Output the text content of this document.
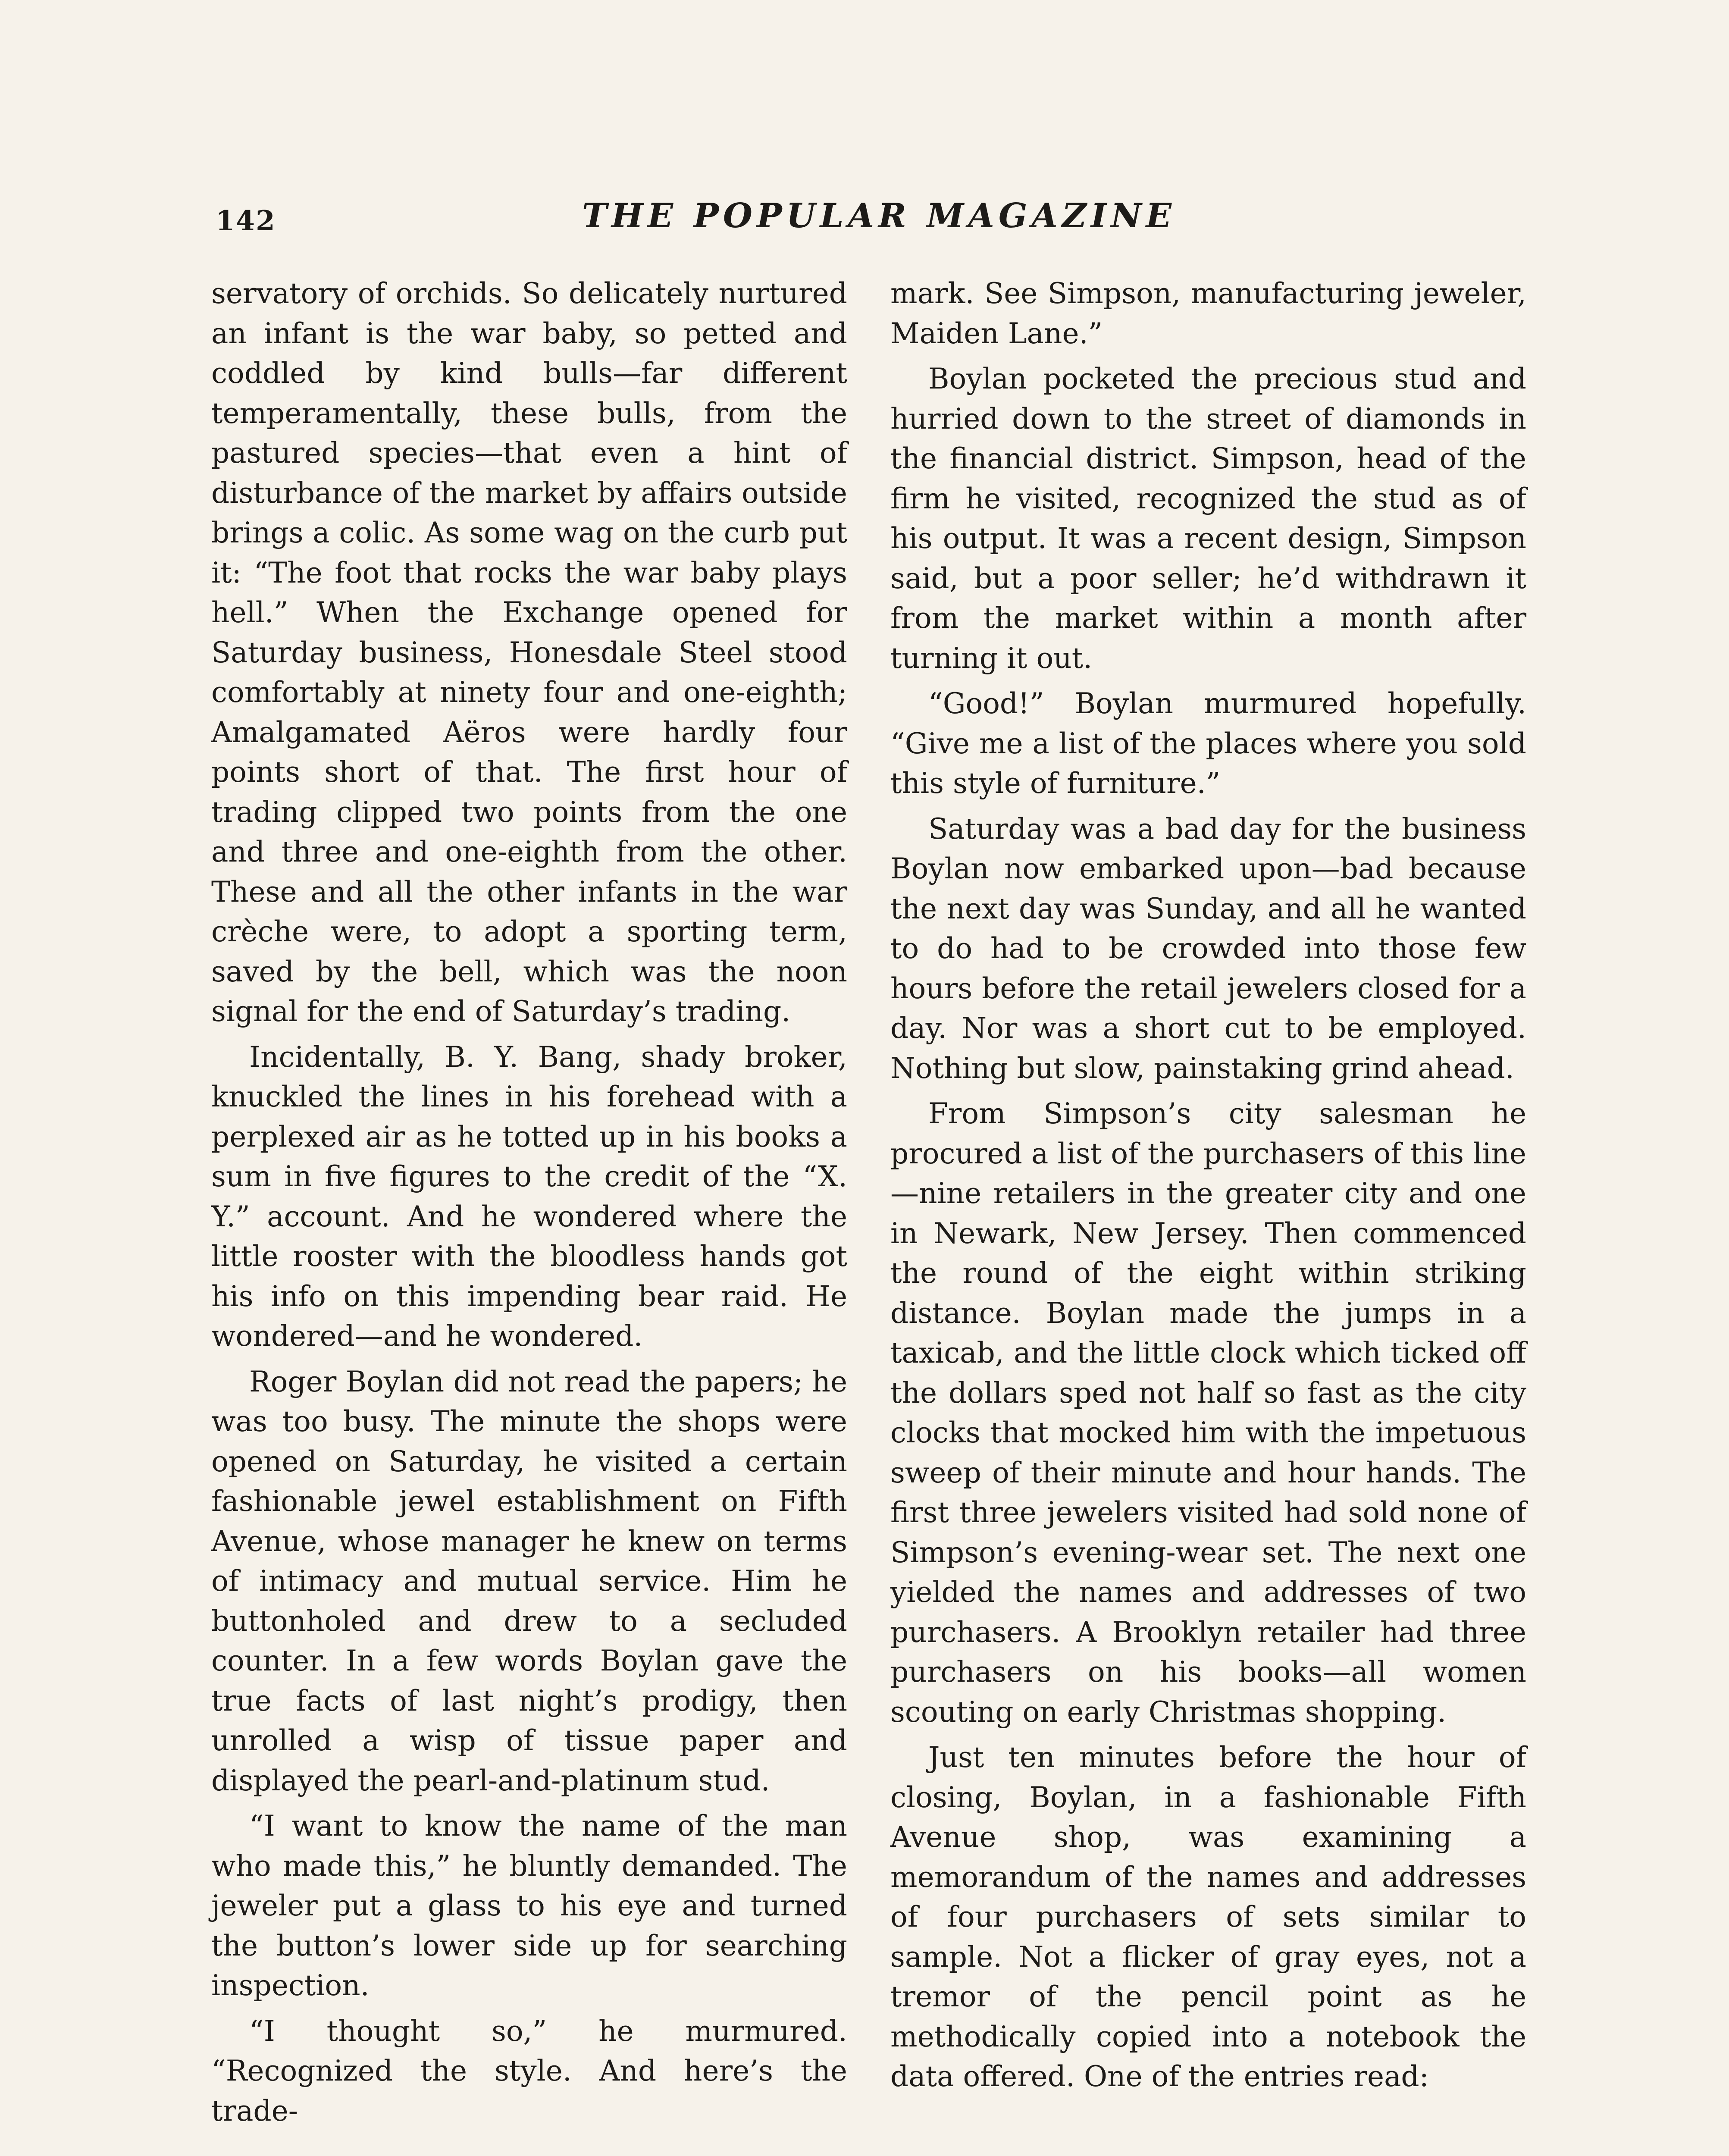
142	THE POPULAR MAGAZINE

servatory of orchids. So delicately nurtured an infant is the war baby, so petted and coddled by kind bulls—far different temperamentally, these bulls, from the pastured species—that even a hint of disturbance of the market by affairs outside brings a colic. As some wag on the curb put it: “The foot that rocks the war baby plays hell.” When the Exchange opened for Saturday business, Honesdale Steel stood comfortably at ninety four and one-eighth; Amalgamated Aëros were hardly four points short of that. The first hour of trading clipped two points from the one and three and one-eighth from the other. These and all the other infants in the war crèche were, to adopt a sporting term, saved by the bell, which was the noon signal for the end of Saturday’s trading.

Incidentally, B. Y. Bang, shady broker, knuckled the lines in his forehead with a perplexed air as he totted up in his books a sum in five figures to the credit of the “X. Y.” account. And he wondered where the little rooster with the bloodless hands got his info on this impending bear raid. He wondered—and he wondered.

Roger Boylan did not read the papers; he was too busy. The minute the shops were opened on Saturday, he visited a certain fashionable jewel establishment on Fifth Avenue, whose manager he knew on terms of intimacy and mutual service. Him he buttonholed and drew to a secluded counter. In a few words Boylan gave the true facts of last night’s prodigy, then unrolled a wisp of tissue paper and displayed the pearl-and-platinum stud.

“I want to know the name of the man who made this,” he bluntly demanded. The jeweler put a glass to his eye and turned the button’s lower side up for searching inspection.

“I thought so,” he murmured. “Recognized the style. And here’s the trade-

mark. See Simpson, manufacturing jeweler, Maiden Lane.”

Boylan pocketed the precious stud and hurried down to the street of diamonds in the financial district. Simpson, head of the firm he visited, recognized the stud as of his output. It was a recent design, Simpson said, but a poor seller; he’d withdrawn it from the market within a month after turning it out.

“Good!” Boylan murmured hopefully. “Give me a list of the places where you sold this style of furniture.”

Saturday was a bad day for the business Boylan now embarked upon—bad because the next day was Sunday, and all he wanted to do had to be crowded into those few hours before the retail jewelers closed for a day. Nor was a short cut to be employed. Nothing but slow, painstaking grind ahead.

From Simpson’s city salesman he procured a list of the purchasers of this line—nine retailers in the greater city and one in Newark, New Jersey. Then commenced the round of the eight within striking distance. Boylan made the jumps in a taxicab, and the little clock which ticked off the dollars sped not half so fast as the city clocks that mocked him with the impetuous sweep of their minute and hour hands. The first three jewelers visited had sold none of Simpson’s evening-wear set. The next one yielded the names and addresses of two purchasers. A Brooklyn retailer had three purchasers on his books—all women scouting on early Christmas shopping.

Just ten minutes before the hour of closing, Boylan, in a fashionable Fifth Avenue shop, was examining a memorandum of the names and addresses of four purchasers of sets similar to sample. Not a flicker of gray eyes, not a tremor of the pencil point as he methodically copied into a notebook the data offered. One of the entries read:
